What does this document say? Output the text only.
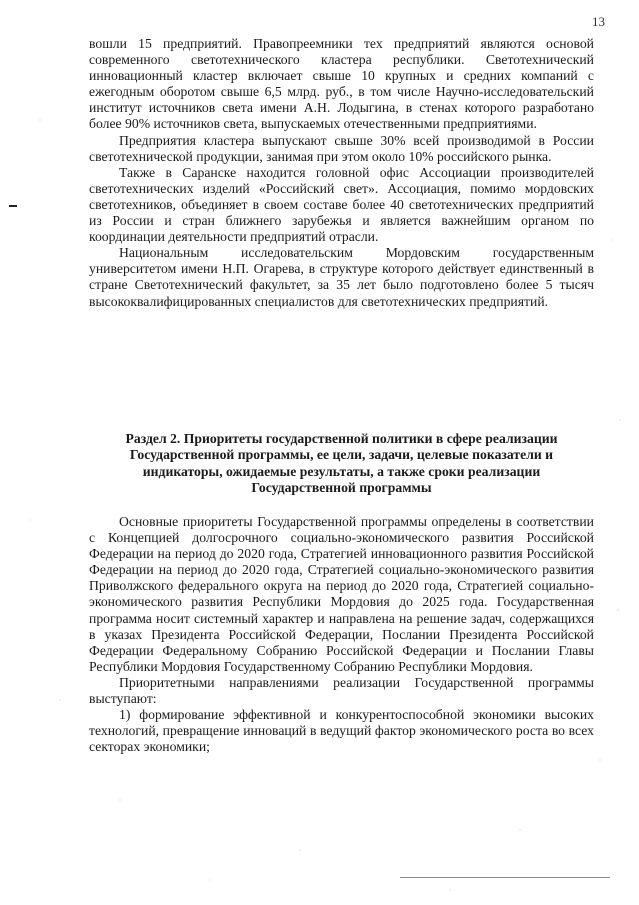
13

вошли 15 предприятий. Правопреемники тех предприятий являются основой современного светотехнического кластера республики. Светотехнический инновационный кластер включает свыше 10 крупных и средних компаний с ежегодным оборотом свыше 6,5 млрд. руб., в том числе Научно-исследовательский институт источников света имени А.Н. Лодыгина, в стенах которого разработано более 90% источников света, выпускаемых отечественными предприятиями.

Предприятия кластера выпускают свыше 30% всей производимой в России светотехнической продукции, занимая при этом около 10% российского рынка.

Также в Саранске находится головной офис Ассоциации производителей светотехнических изделий «Российский свет». Ассоциация, помимо мордовских светотехников, объединяет в своем составе более 40 светотехнических предприятий из России и стран ближнего зарубежья и является важнейшим органом по координации деятельности предприятий отрасли.

Национальным исследовательским Мордовским государственным университетом имени Н.П. Огарева, в структуре которого действует единственный в стране Светотехнический факультет, за 35 лет было подготовлено более 5 тысяч высококвалифицированных специалистов для светотехнических предприятий.

Раздел 2. Приоритеты государственной политики в сфере реализации Государственной программы, ее цели, задачи, целевые показатели и индикаторы, ожидаемые результаты, а также сроки реализации Государственной программы

Основные приоритеты Государственной программы определены в соответствии с Концепцией долгосрочного социально-экономического развития Российской Федерации на период до 2020 года, Стратегией инновационного развития Российской Федерации на период до 2020 года, Стратегией социально-экономического развития Приволжского федерального округа на период до 2020 года, Стратегией социально-экономического развития Республики Мордовия до 2025 года. Государственная программа носит системный характер и направлена на решение задач, содержащихся в указах Президента Российской Федерации, Послании Президента Российской Федерации Федеральному Собранию Российской Федерации и Послании Главы Республики Мордовия Государственному Собранию Республики Мордовия.

Приоритетными направлениями реализации Государственной программы выступают:

1) формирование эффективной и конкурентоспособной экономики высоких технологий, превращение инноваций в ведущий фактор экономического роста во всех секторах экономики;
